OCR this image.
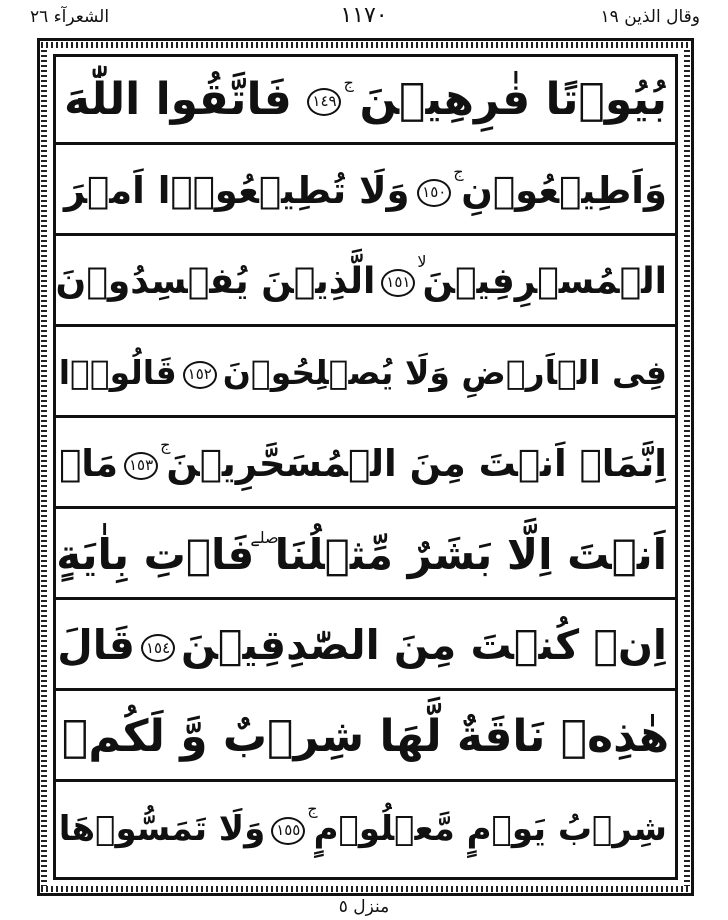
وقال الذين ١٩
١١٧٠
الشعرآء ٢٦
بُیُوۡتًا فٰرِهِیۡنَ
$^ج$١٤٩
فَاتَّقُوا اللّٰهَ
وَاَطِیۡعُوۡنِ
$^ج$١٥٠
وَلَا تُطِیۡعُوۡۤا اَمۡرَ
الۡمُسۡرِفِیۡنَ
$^{لا}$١٥١
الَّذِیۡنَ یُفۡسِدُوۡنَ
فِی الۡاَرۡضِ وَلَا یُصۡلِحُوۡنَ
١٥٢
قَالُوۡۤا
اِنَّمَاۤ اَنۡتَ مِنَ الۡمُسَحَّرِیۡنَ
$^ج$١٥٣
مَاۤ
اَنۡتَ اِلَّا بَشَرٌ مِّثۡلُنَا
$^{صلے}$
فَاۡتِ بِاٰیَةٍ
اِنۡ کُنۡتَ مِنَ الصّٰدِقِیۡنَ
١٥٤
قَالَ
هٰذِهٖ نَاقَةٌ لَّهَا شِرۡبٌ وَّ لَکُمۡ
شِرۡبُ یَوۡمٍ مَّعۡلُوۡمٍ
$^ج$١٥٥
وَلَا تَمَسُّوۡهَا
منزل ٥
